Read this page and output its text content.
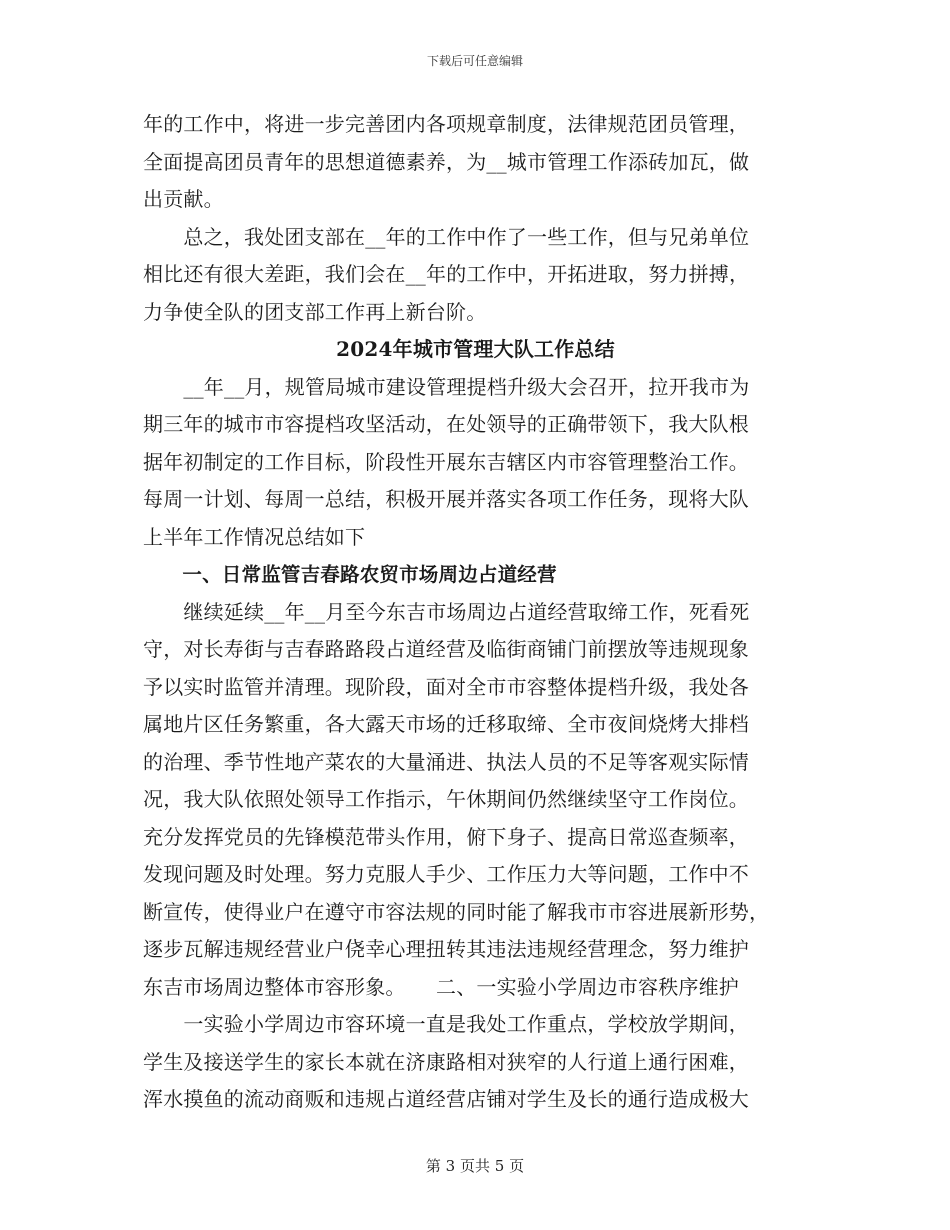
下载后可任意编辑
年的工作中，将进一步完善团内各项规章制度，法律规范团员管理，
全面提高团员青年的思想道德素养，为__城市管理工作添砖加瓦，做
出贡献。
　　总之，我处团支部在__年的工作中作了一些工作，但与兄弟单位
相比还有很大差距，我们会在__年的工作中，开拓进取，努力拼搏，
力争使全队的团支部工作再上新台阶。
2024年城市管理大队工作总结
　　__年__月，规管局城市建设管理提档升级大会召开，拉开我市为
期三年的城市市容提档攻坚活动，在处领导的正确带领下，我大队根
据年初制定的工作目标，阶段性开展东吉辖区内市容管理整治工作。
每周一计划、每周一总结，积极开展并落实各项工作任务，现将大队
上半年工作情况总结如下
　　一、日常监管吉春路农贸市场周边占道经营
　　继续延续__年__月至今东吉市场周边占道经营取缔工作，死看死
守，对长寿街与吉春路路段占道经营及临街商铺门前摆放等违规现象
予以实时监管并清理。现阶段，面对全市市容整体提档升级，我处各
属地片区任务繁重，各大露天市场的迁移取缔、全市夜间烧烤大排档
的治理、季节性地产菜农的大量涌进、执法人员的不足等客观实际情
况，我大队依照处领导工作指示，午休期间仍然继续坚守工作岗位。
充分发挥党员的先锋模范带头作用，俯下身子、提高日常巡查频率，
发现问题及时处理。努力克服人手少、工作压力大等问题，工作中不
断宣传，使得业户在遵守市容法规的同时能了解我市市容进展新形势，
逐步瓦解违规经营业户侥幸心理扭转其违法违规经营理念，努力维护
东吉市场周边整体市容形象。　　二、一实验小学周边市容秩序维护
　　一实验小学周边市容环境一直是我处工作重点，学校放学期间，
学生及接送学生的家长本就在济康路相对狭窄的人行道上通行困难，
浑水摸鱼的流动商贩和违规占道经营店铺对学生及长的通行造成极大
第 3 页共 5 页
